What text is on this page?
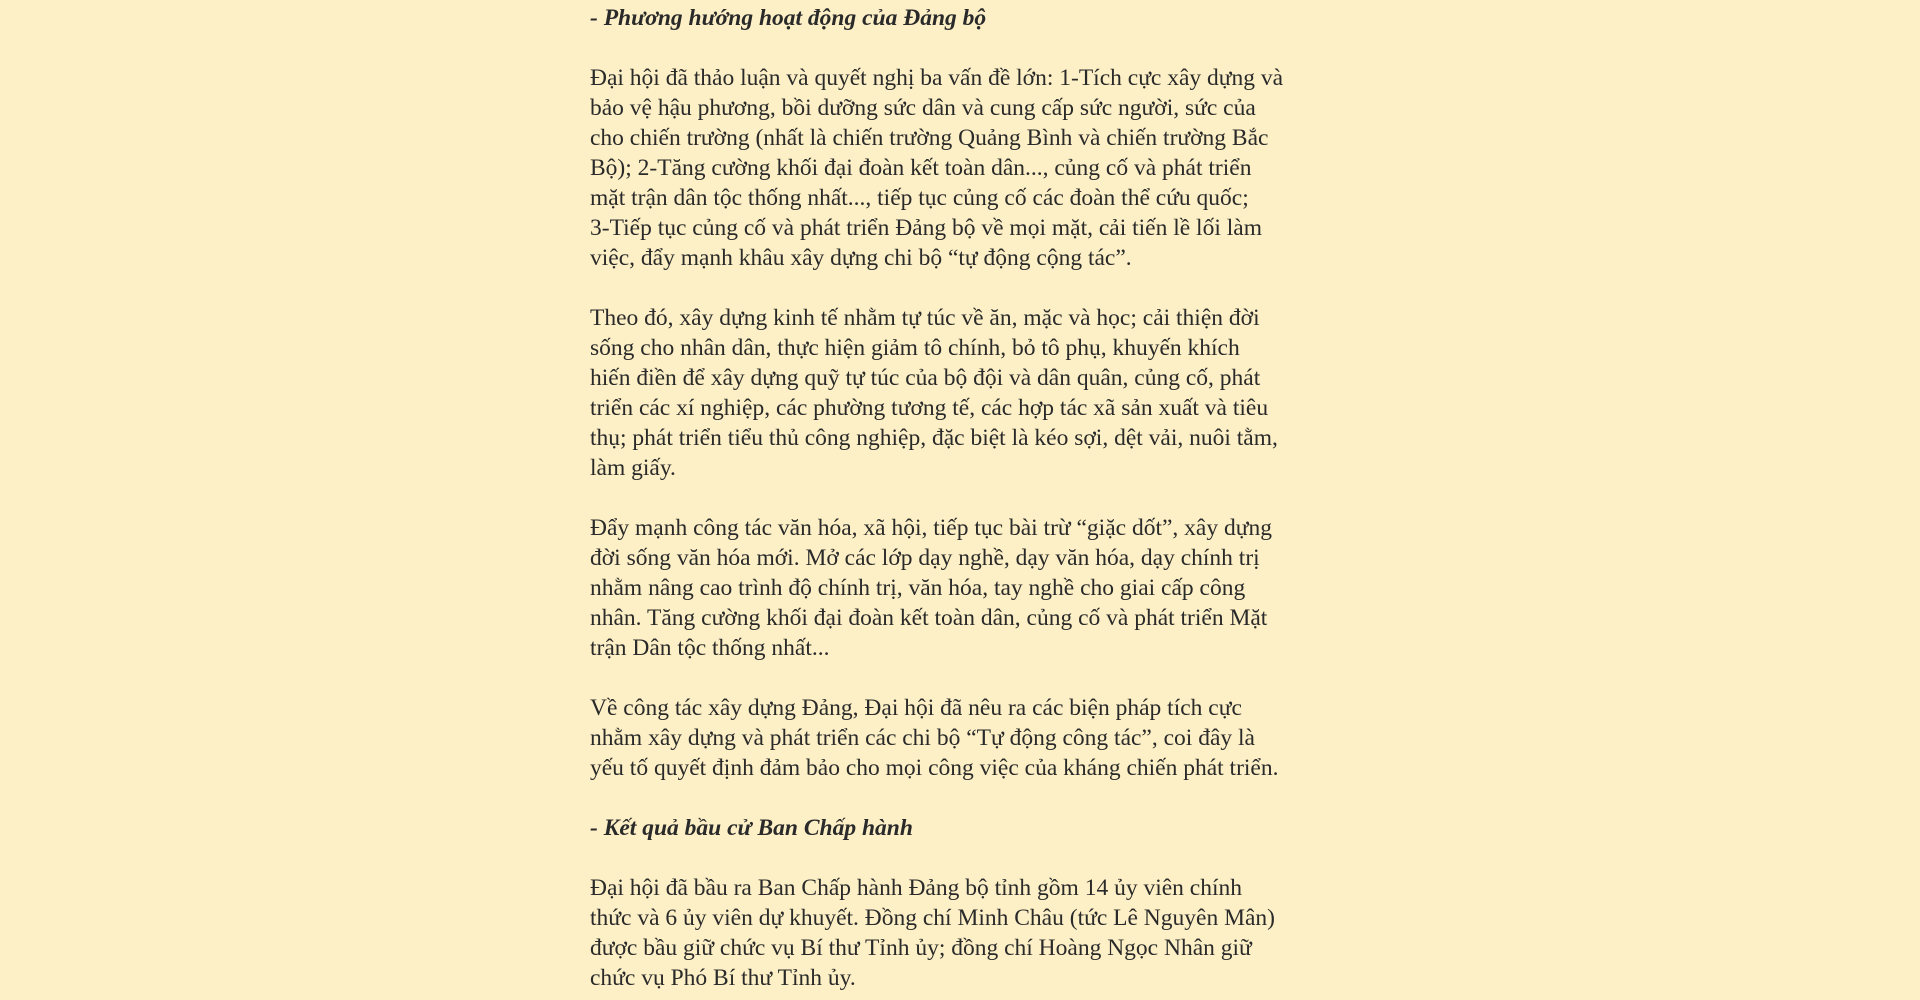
- Phương hướng hoạt động của Đảng bộ

Đại hội đã thảo luận và quyết nghị ba vấn đề lớn: 1-Tích cực xây dựng và
bảo vệ hậu phương, bồi dưỡng sức dân và cung cấp sức người, sức của
cho chiến trường (nhất là chiến trường Quảng Bình và chiến trường Bắc
Bộ); 2-Tăng cường khối đại đoàn kết toàn dân..., củng cố và phát triển
mặt trận dân tộc thống nhất..., tiếp tục củng cố các đoàn thể cứu quốc;
3-Tiếp tục củng cố và phát triển Đảng bộ về mọi mặt, cải tiến lề lối làm
việc, đẩy mạnh khâu xây dựng chi bộ “tự động cộng tác”.

Theo đó, xây dựng kinh tế nhằm tự túc về ăn, mặc và học; cải thiện đời
sống cho nhân dân, thực hiện giảm tô chính, bỏ tô phụ, khuyến khích
hiến điền để xây dựng quỹ tự túc của bộ đội và dân quân, củng cố, phát
triển các xí nghiệp, các phường tương tế, các hợp tác xã sản xuất và tiêu
thụ; phát triển tiểu thủ công nghiệp, đặc biệt là kéo sợi, dệt vải, nuôi tằm,
làm giấy.

Đẩy mạnh công tác văn hóa, xã hội, tiếp tục bài trừ “giặc dốt”, xây dựng
đời sống văn hóa mới. Mở các lớp dạy nghề, dạy văn hóa, dạy chính trị
nhằm nâng cao trình độ chính trị, văn hóa, tay nghề cho giai cấp công
nhân. Tăng cường khối đại đoàn kết toàn dân, củng cố và phát triển Mặt
trận Dân tộc thống nhất...

Về công tác xây dựng Đảng, Đại hội đã nêu ra các biện pháp tích cực
nhằm xây dựng và phát triển các chi bộ “Tự động công tác”, coi đây là
yếu tố quyết định đảm bảo cho mọi công việc của kháng chiến phát triển.

- Kết quả bầu cử Ban Chấp hành

Đại hội đã bầu ra Ban Chấp hành Đảng bộ tỉnh gồm 14 ủy viên chính
thức và 6 ủy viên dự khuyết. Đồng chí Minh Châu (tức Lê Nguyên Mân)
được bầu giữ chức vụ Bí thư Tỉnh ủy; đồng chí Hoàng Ngọc Nhân giữ
chức vụ Phó Bí thư Tỉnh ủy.
